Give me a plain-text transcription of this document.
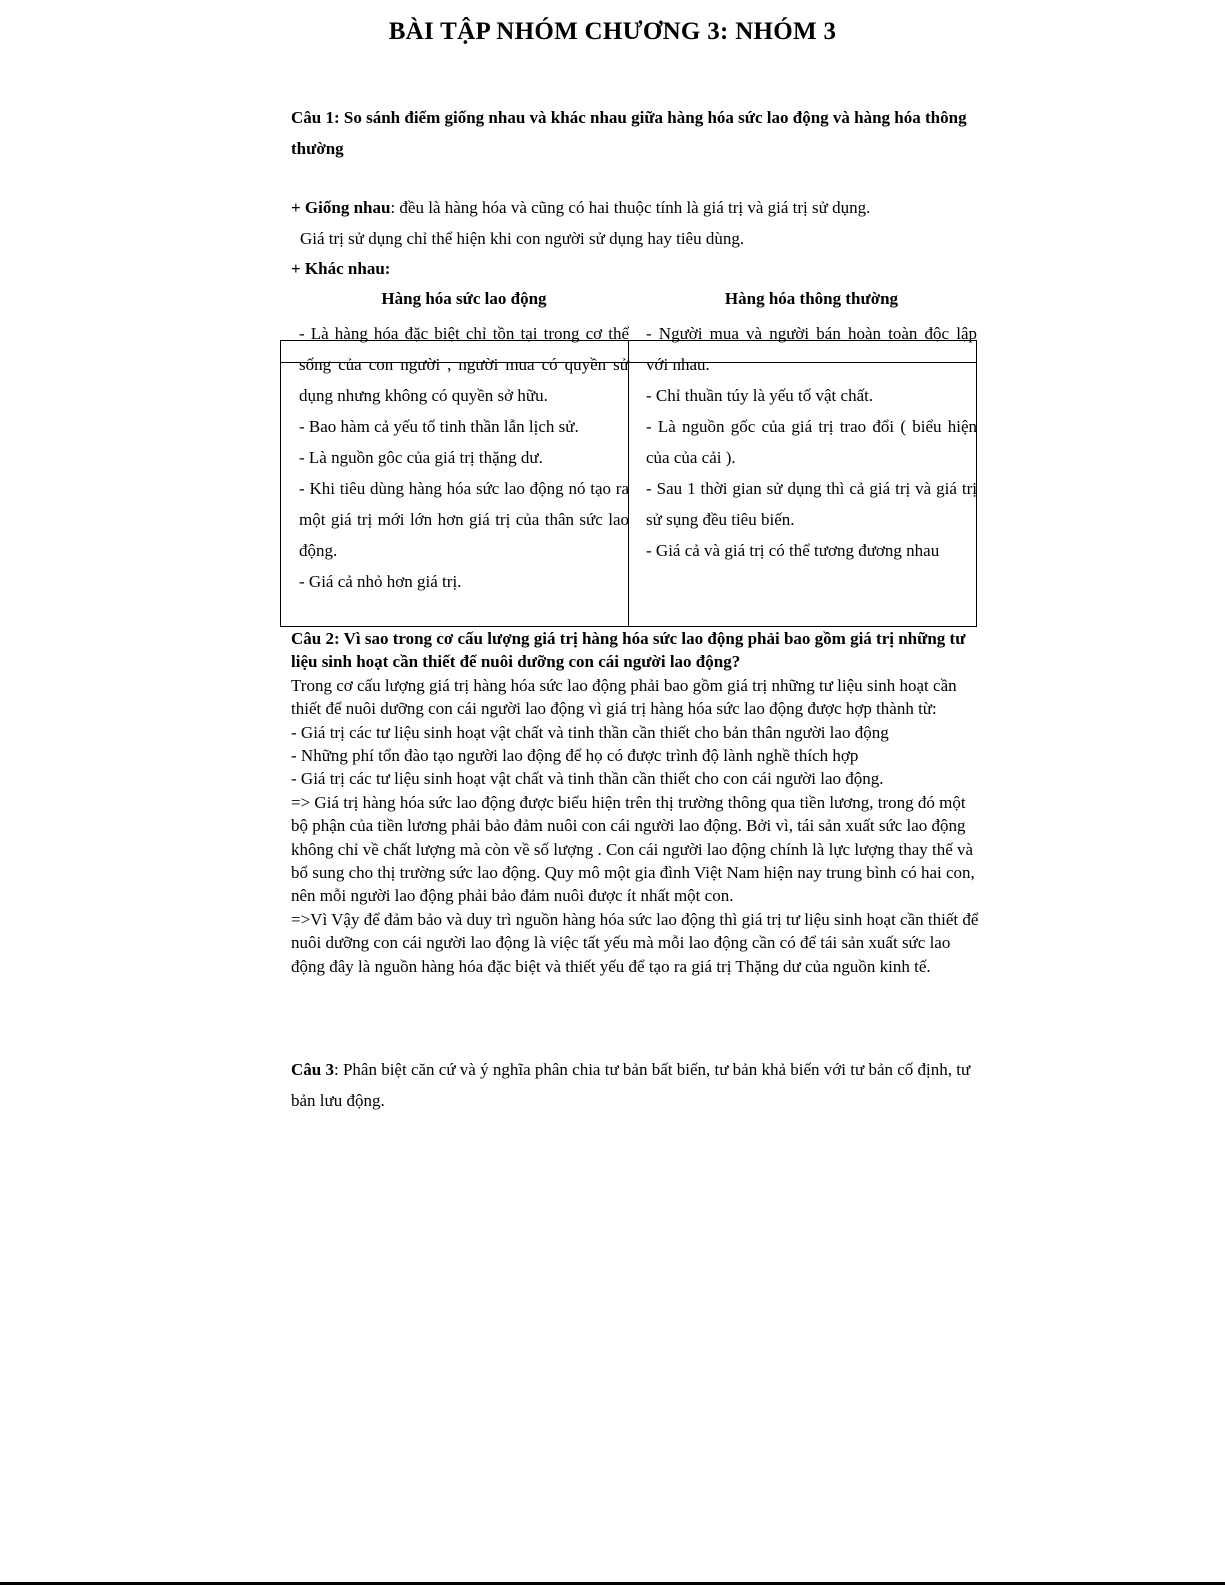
BÀI TẬP NHÓM CHƯƠNG 3: NHÓM 3

Câu 1: So sánh điểm giống nhau và khác nhau giữa hàng hóa sức lao động và hàng hóa thông thường

+ Giống nhau: đều là hàng hóa và cũng có hai thuộc tính là giá trị và giá trị sử dụng.

Giá trị sử dụng chỉ thể hiện khi con người sử dụng hay tiêu dùng.

+ Khác nhau:

Hàng hóa sức lao động	Hàng hóa thông thường

- Là hàng hóa đặc biệt chỉ tồn tại trong cơ thể sống của con người , người mua có quyền sử dụng nhưng không có quyền sở hữu.
- Bao hàm cả yếu tố tinh thần lẫn lịch sử.
- Là nguồn gôc của giá trị thặng dư.
- Khi tiêu dùng hàng hóa sức lao động nó tạo ra một giá trị mới lớn hơn giá trị của thân sức lao động.
- Giá cả nhỏ hơn giá trị.
- Người mua và người bán hoàn toàn độc lập với nhau.
- Chỉ thuần túy là yếu tố vật chất.
- Là nguồn gốc của giá trị trao đổi ( biểu hiện của của cải ).
- Sau 1 thời gian sử dụng thì cả giá trị và giá trị sử sụng đều tiêu biến.
- Giá cả và giá trị có thể tương đương nhau

Câu 2: Vì sao trong cơ cấu lượng giá trị hàng hóa sức lao động phải bao gồm giá trị những tư liệu sinh hoạt cần thiết để nuôi dưỡng con cái người lao động?

Trong cơ cấu lượng giá trị hàng hóa sức lao động phải bao gồm giá trị những tư liệu sinh hoạt cần thiết để nuôi dưỡng con cái người lao động vì giá trị hàng hóa sức lao động được hợp thành từ:

- Giá trị các tư liệu sinh hoạt vật chất và tinh thần cần thiết cho bản thân người lao động

- Những phí tổn đào tạo người lao động để họ có được trình độ lành nghề thích hợp

- Giá trị các tư liệu sinh hoạt vật chất và tinh thần cần thiết cho con cái người lao động.

=> Giá trị hàng hóa sức lao động được biểu hiện trên thị trường thông qua tiền lương, trong đó một bộ phận của tiền lương phải bảo đảm nuôi con cái người lao động. Bởi vì, tái sản xuất sức lao động không chỉ về chất lượng mà còn về số lượng . Con cái người lao động chính là lực lượng thay thế và bổ sung cho thị trường sức lao động. Quy mô một gia đình Việt Nam hiện nay trung bình có hai con, nên mỗi người lao động phải bảo đảm nuôi được ít nhất một con.

=>Vì Vậy để đảm bảo và duy trì nguồn hàng hóa sức lao động thì giá trị tư liệu sinh hoạt cần thiết để nuôi dưỡng con cái người lao động là việc tất yếu mà mỗi lao động cần có để tái sản xuất sức lao động đây là nguồn hàng hóa đặc biệt và thiết yếu để tạo ra giá trị Thặng dư của nguồn kinh tế.

Câu 3: Phân biệt căn cứ và ý nghĩa phân chia tư bản bất biến, tư bản khả biến với tư bản cố định, tư bản lưu động.
